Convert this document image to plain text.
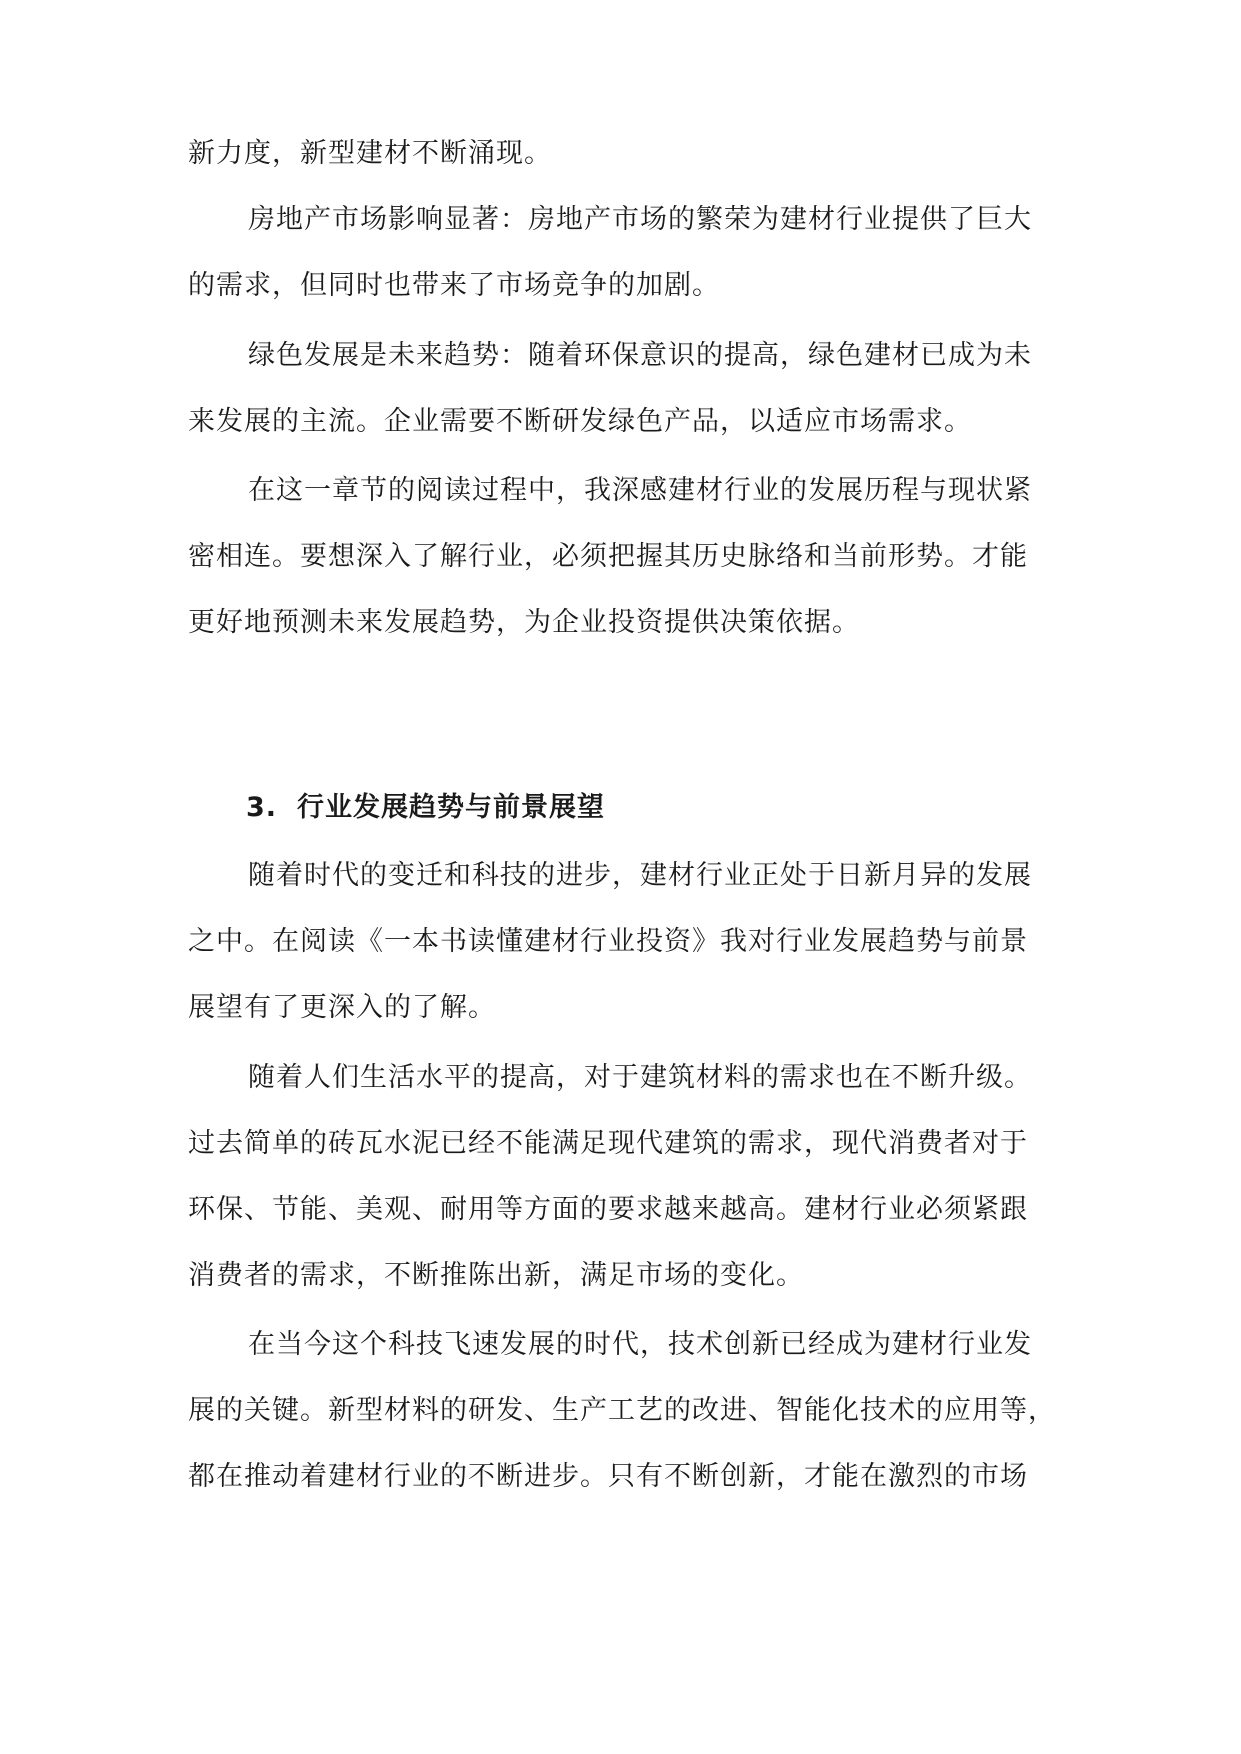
新力度，新型建材不断涌现。
房地产市场影响显著：房地产市场的繁荣为建材行业提供了巨大
的需求，但同时也带来了市场竞争的加剧。
绿色发展是未来趋势：随着环保意识的提高，绿色建材已成为未
来发展的主流。企业需要不断研发绿色产品，以适应市场需求。
在这一章节的阅读过程中，我深感建材行业的发展历程与现状紧
密相连。要想深入了解行业，必须把握其历史脉络和当前形势。才能
更好地预测未来发展趋势，为企业投资提供决策依据。
3. 行业发展趋势与前景展望
随着时代的变迁和科技的进步，建材行业正处于日新月异的发展
之中。在阅读《一本书读懂建材行业投资》我对行业发展趋势与前景
展望有了更深入的了解。
随着人们生活水平的提高，对于建筑材料的需求也在不断升级。
过去简单的砖瓦水泥已经不能满足现代建筑的需求，现代消费者对于
环保、节能、美观、耐用等方面的要求越来越高。建材行业必须紧跟
消费者的需求，不断推陈出新，满足市场的变化。
在当今这个科技飞速发展的时代，技术创新已经成为建材行业发
展的关键。新型材料的研发、生产工艺的改进、智能化技术的应用等，
都在推动着建材行业的不断进步。只有不断创新，才能在激烈的市场
